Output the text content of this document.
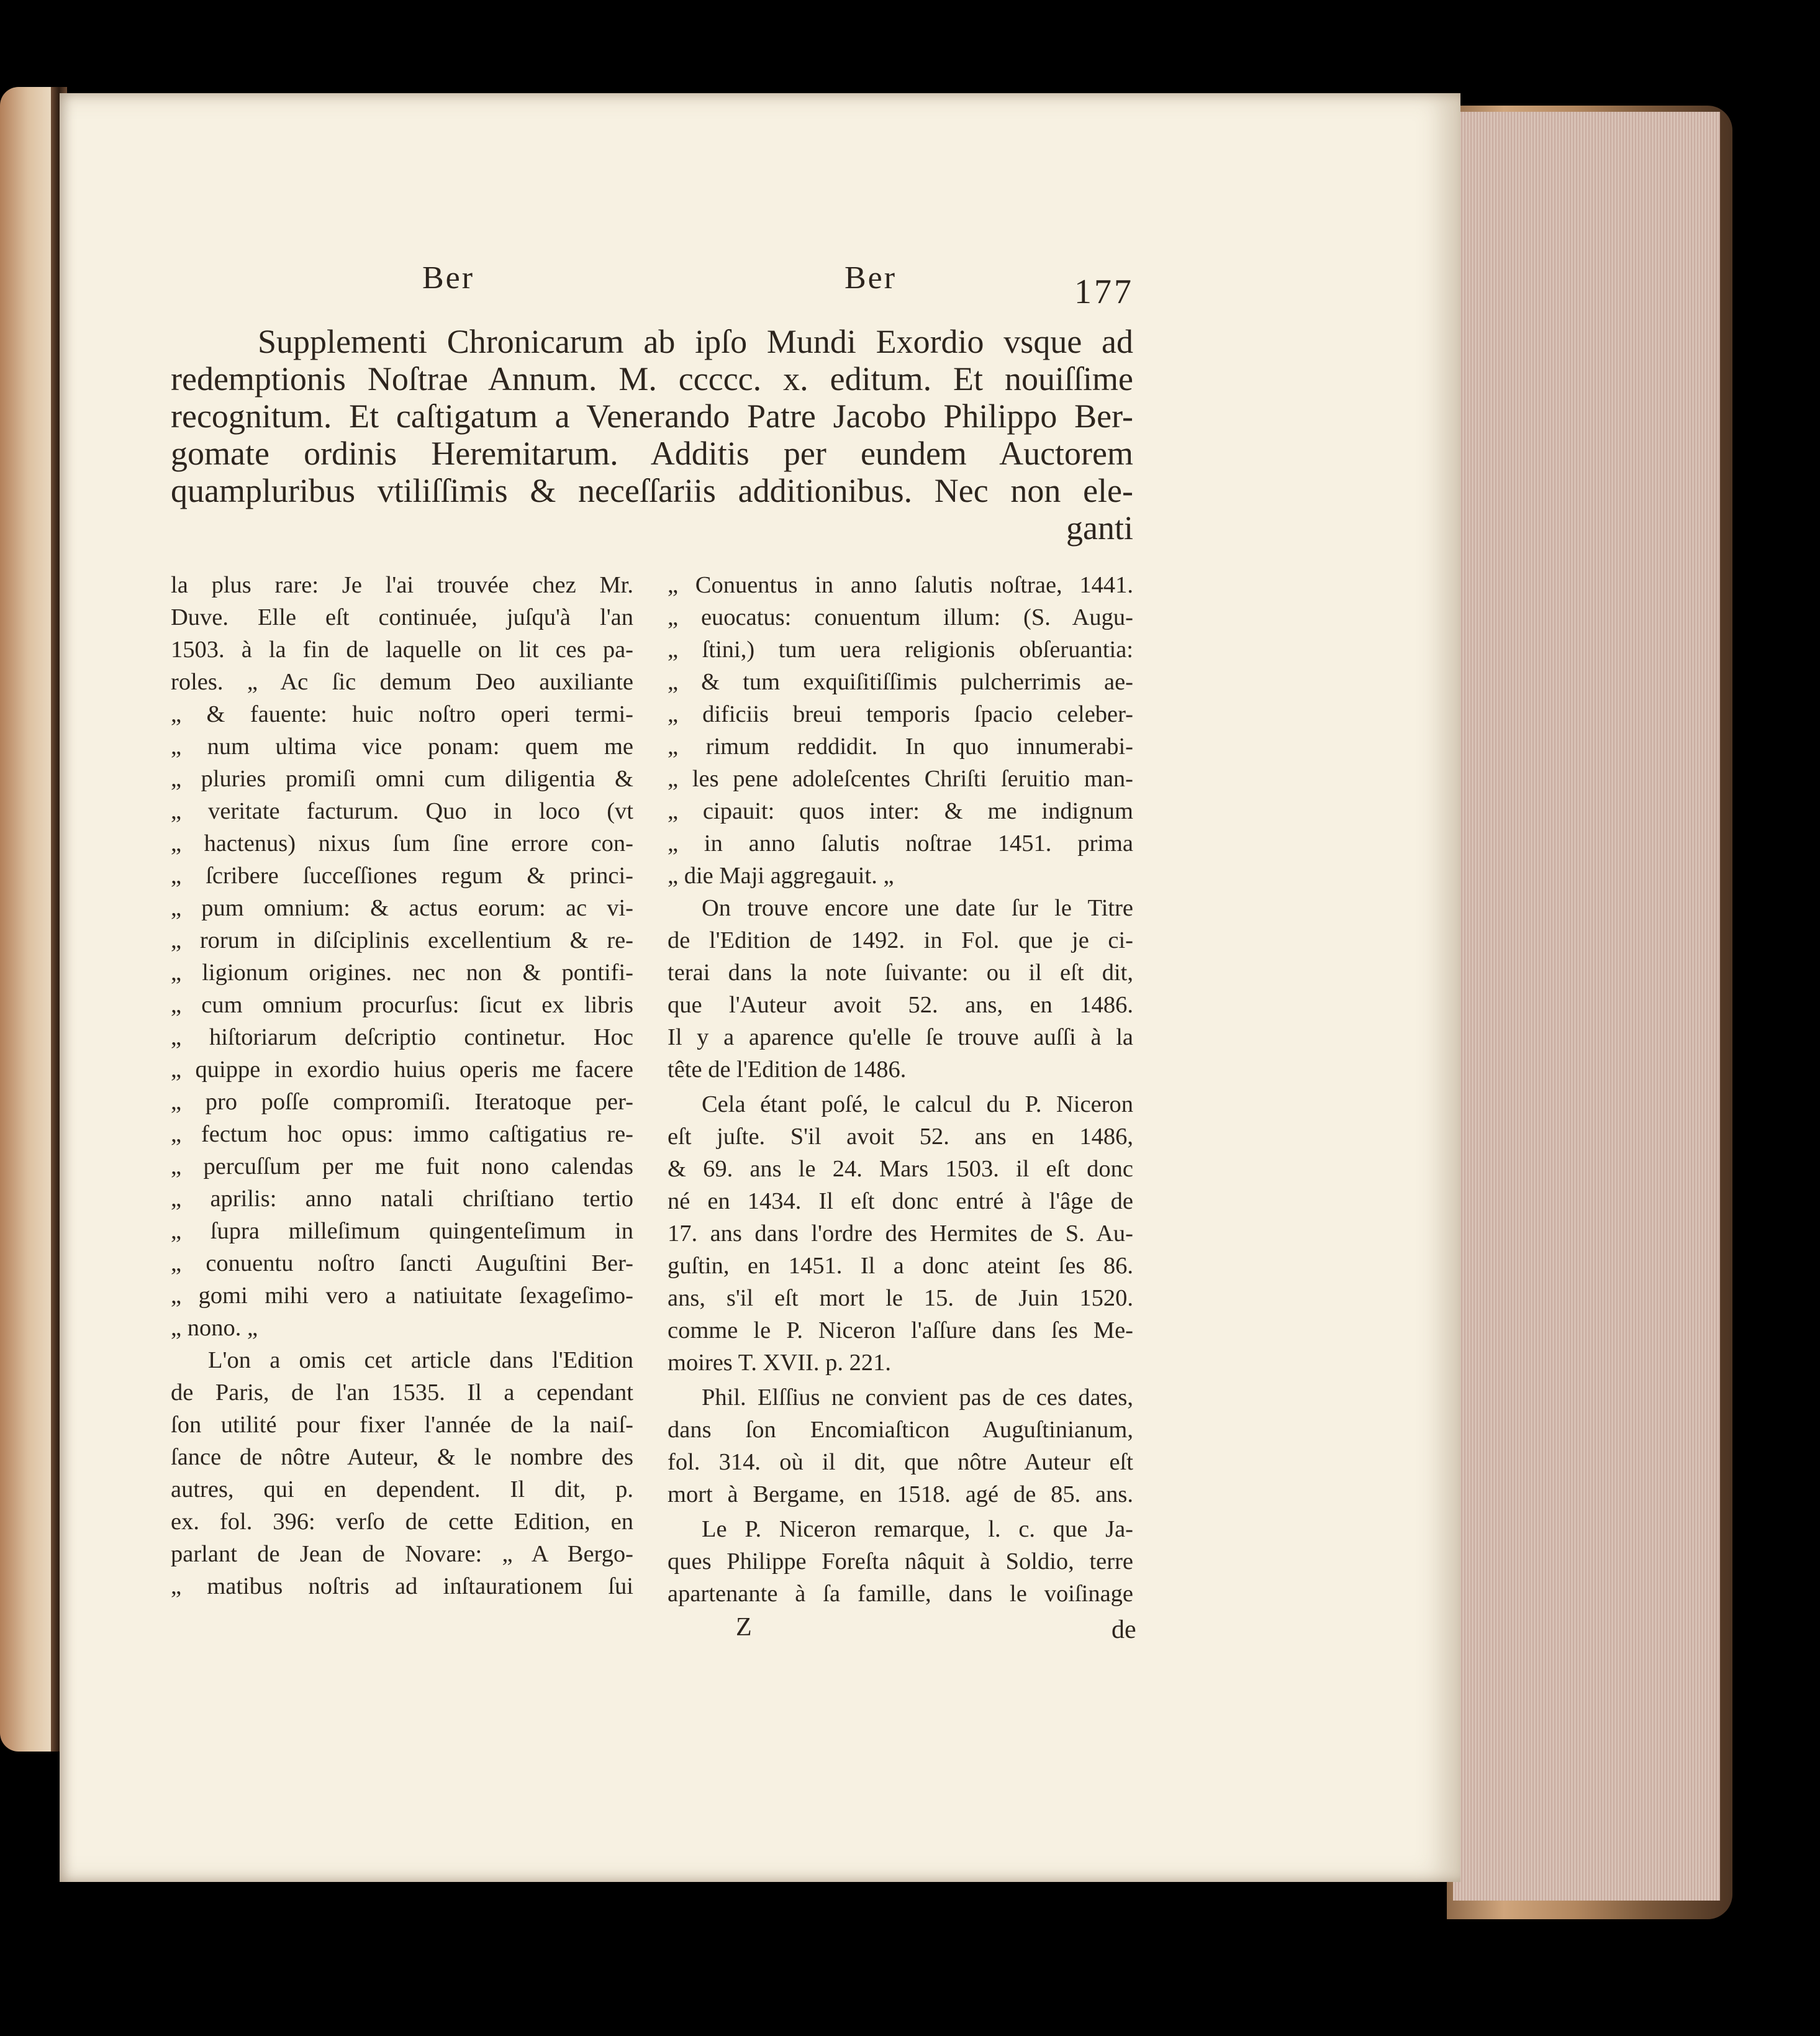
Ber	Ber	177
Supplementi Chronicarum ab ipſo Mundi Exordio vsque ad
redemptionis Noſtrae Annum. M. ccccc. x. editum. Et nouiſſime
recognitum. Et caſtigatum a Venerando Patre Jacobo Philippo Ber-
gomate ordinis Heremitarum. Additis per eundem Auctorem
quampluribus vtiliſſimis & neceſſariis additionibus. Nec non ele-
ganti
la plus rare: Je l'ai trouvée chez Mr.
Duve. Elle eſt continuée, juſqu'à l'an
1503. à la fin de laquelle on lit ces pa-
roles. „ Ac ſic demum Deo auxiliante
„ & fauente: huic noſtro operi termi-
„ num ultima vice ponam: quem me
„ pluries promiſi omni cum diligentia &
„ veritate facturum. Quo in loco (vt
„ hactenus) nixus ſum ſine errore con-
„ ſcribere ſucceſſiones regum & princi-
„ pum omnium: & actus eorum: ac vi-
„ rorum in diſciplinis excellentium & re-
„ ligionum origines. nec non & pontifi-
„ cum omnium procurſus: ſicut ex libris
„ hiſtoriarum deſcriptio continetur. Hoc
„ quippe in exordio huius operis me facere
„ pro poſſe compromiſi. Iteratoque per-
„ fectum hoc opus: immo caſtigatius re-
„ percuſſum per me fuit nono calendas
„ aprilis: anno natali chriſtiano tertio
„ ſupra milleſimum quingenteſimum in
„ conuentu noſtro ſancti Auguſtini Ber-
„ gomi mihi vero a natiuitate ſexageſimo-
„ nono. „
L'on a omis cet article dans l'Edition
de Paris, de l'an 1535. Il a cependant
ſon utilité pour fixer l'année de la naiſ-
ſance de nôtre Auteur, & le nombre des
autres, qui en dependent. Il dit, p.
ex. fol. 396: verſo de cette Edition, en
parlant de Jean de Novare: „ A Bergo-
„ matibus noſtris ad inſtaurationem ſui
„ Conuentus in anno ſalutis noſtrae, 1441.
„ euocatus: conuentum illum: (S. Augu-
„ ſtini,) tum uera religionis obſeruantia:
„ & tum exquiſitiſſimis pulcherrimis ae-
„ dificiis breui temporis ſpacio celeber-
„ rimum reddidit. In quo innumerabi-
„ les pene adoleſcentes Chriſti ſeruitio man-
„ cipauit: quos inter: & me indignum
„ in anno ſalutis noſtrae 1451. prima
„ die Maji aggregauit. „
On trouve encore une date ſur le Titre
de l'Edition de 1492. in Fol. que je ci-
terai dans la note ſuivante: ou il eſt dit,
que l'Auteur avoit 52. ans, en 1486.
Il y a aparence qu'elle ſe trouve auſſi à la
tête de l'Edition de 1486.
Cela étant poſé, le calcul du P. Niceron
eſt juſte. S'il avoit 52. ans en 1486,
& 69. ans le 24. Mars 1503. il eſt donc
né en 1434. Il eſt donc entré à l'âge de
17. ans dans l'ordre des Hermites de S. Au-
guſtin, en 1451. Il a donc ateint ſes 86.
ans, s'il eſt mort le 15. de Juin 1520.
comme le P. Niceron l'aſſure dans ſes Me-
moires T. XVII. p. 221.
Phil. Elſſius ne convient pas de ces dates,
dans ſon Encomiaſticon Auguſtinianum,
fol. 314. où il dit, que nôtre Auteur eſt
mort à Bergame, en 1518. agé de 85. ans.
Le P. Niceron remarque, l. c. que Ja-
ques Philippe Foreſta nâquit à Soldio, terre
apartenante à ſa famille, dans le voiſinage
Z	de
